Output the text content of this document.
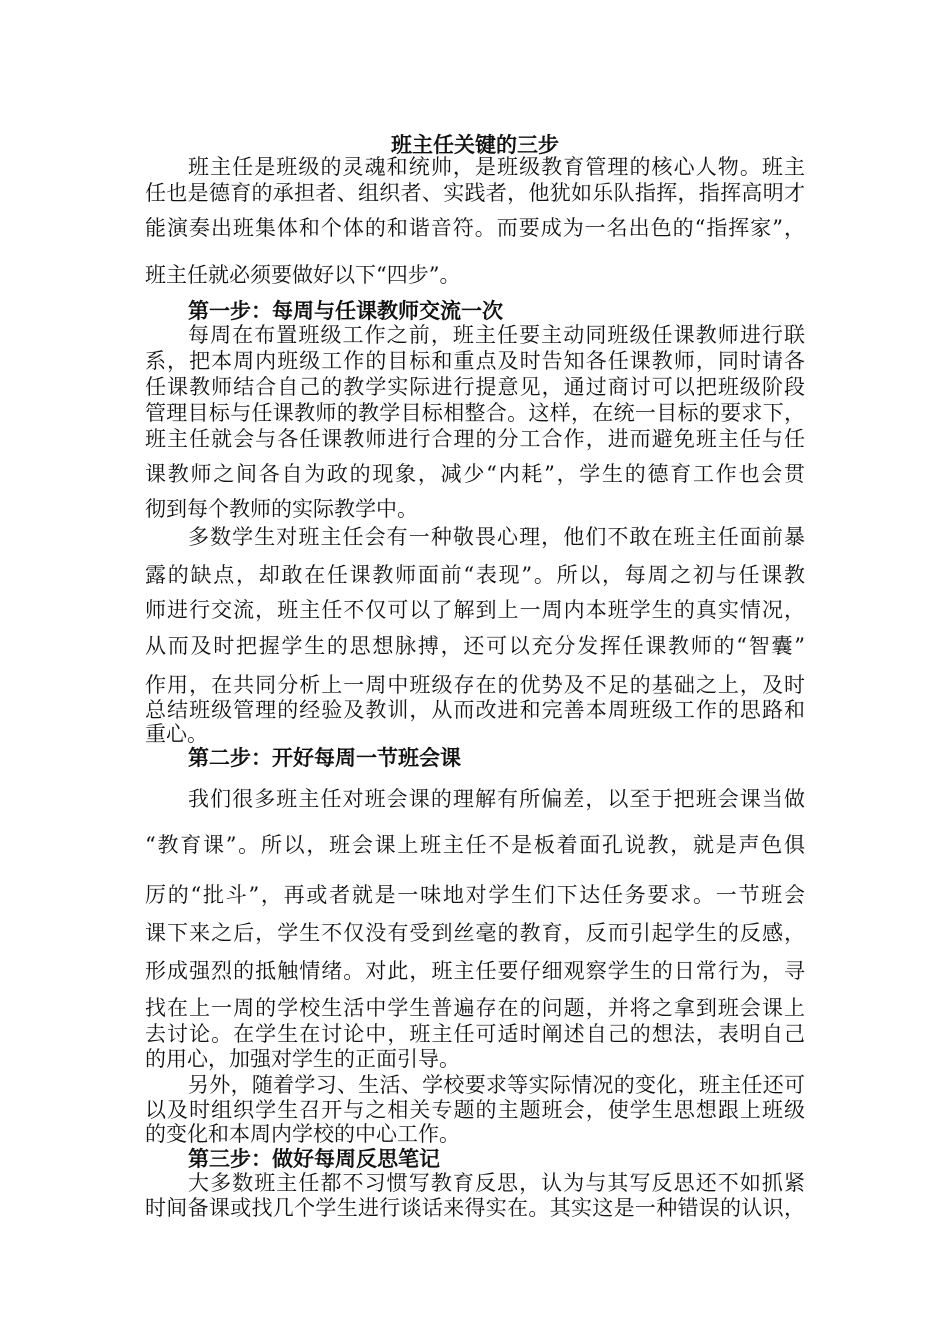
班主任关键的三步
班主任是班级的灵魂和统帅，是班级教育管理的核心人物。班主
任也是德育的承担者、组织者、实践者，他犹如乐队指挥，指挥高明才
能演奏出班集体和个体的和谐音符。而要成为一名出色的“指挥家”，
班主任就必须要做好以下“四步”。
第一步：每周与任课教师交流一次
每周在布置班级工作之前，班主任要主动同班级任课教师进行联
系，把本周内班级工作的目标和重点及时告知各任课教师，同时请各
任课教师结合自己的教学实际进行提意见，通过商讨可以把班级阶段
管理目标与任课教师的教学目标相整合。这样，在统一目标的要求下，
班主任就会与各任课教师进行合理的分工合作，进而避免班主任与任
课教师之间各自为政的现象，减少“内耗”，学生的德育工作也会贯
彻到每个教师的实际教学中。
多数学生对班主任会有一种敬畏心理，他们不敢在班主任面前暴
露的缺点，却敢在任课教师面前“表现”。所以，每周之初与任课教
师进行交流，班主任不仅可以了解到上一周内本班学生的真实情况，
从而及时把握学生的思想脉搏，还可以充分发挥任课教师的“智囊”
作用，在共同分析上一周中班级存在的优势及不足的基础之上，及时
总结班级管理的经验及教训，从而改进和完善本周班级工作的思路和
重心。
第二步：开好每周一节班会课
我们很多班主任对班会课的理解有所偏差，以至于把班会课当做
“教育课”。所以，班会课上班主任不是板着面孔说教，就是声色俱
厉的“批斗”，再或者就是一味地对学生们下达任务要求。一节班会
课下来之后，学生不仅没有受到丝毫的教育，反而引起学生的反感，
形成强烈的抵触情绪。对此，班主任要仔细观察学生的日常行为，寻
找在上一周的学校生活中学生普遍存在的问题，并将之拿到班会课上
去讨论。在学生在讨论中，班主任可适时阐述自己的想法，表明自己
的用心，加强对学生的正面引导。
另外，随着学习、生活、学校要求等实际情况的变化，班主任还可
以及时组织学生召开与之相关专题的主题班会，使学生思想跟上班级
的变化和本周内学校的中心工作。
第三步：做好每周反思笔记
大多数班主任都不习惯写教育反思，认为与其写反思还不如抓紧
时间备课或找几个学生进行谈话来得实在。其实这是一种错误的认识，
